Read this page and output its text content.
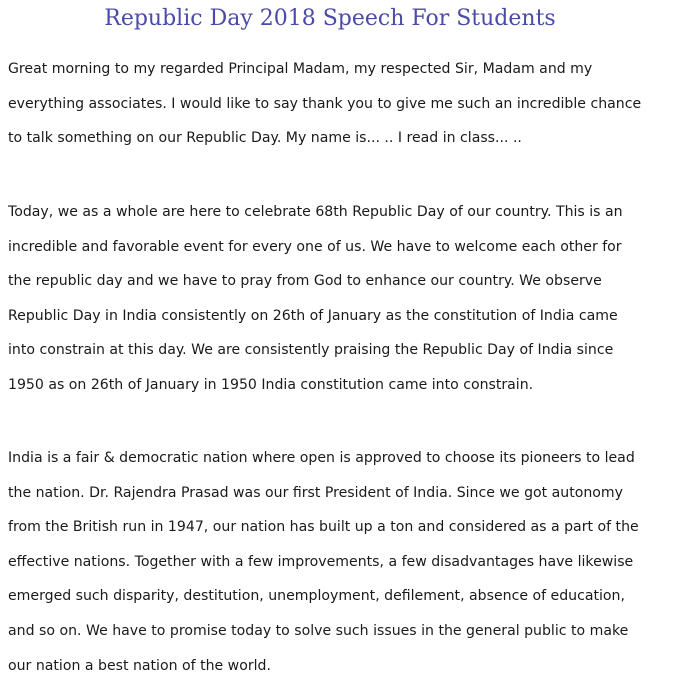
Republic Day 2018 Speech For Students
Great morning to my regarded Principal Madam, my respected Sir, Madam and my
everything associates. I would like to say thank you to give me such an incredible chance
to talk something on our Republic Day. My name is... .. I read in class... ..
Today, we as a whole are here to celebrate 68th Republic Day of our country. This is an
incredible and favorable event for every one of us. We have to welcome each other for
the republic day and we have to pray from God to enhance our country. We observe
Republic Day in India consistently on 26th of January as the constitution of India came
into constrain at this day. We are consistently praising the Republic Day of India since
1950 as on 26th of January in 1950 India constitution came into constrain.
India is a fair & democratic nation where open is approved to choose its pioneers to lead
the nation. Dr. Rajendra Prasad was our first President of India. Since we got autonomy
from the British run in 1947, our nation has built up a ton and considered as a part of the
effective nations. Together with a few improvements, a few disadvantages have likewise
emerged such disparity, destitution, unemployment, defilement, absence of education,
and so on. We have to promise today to solve such issues in the general public to make
our nation a best nation of the world.
